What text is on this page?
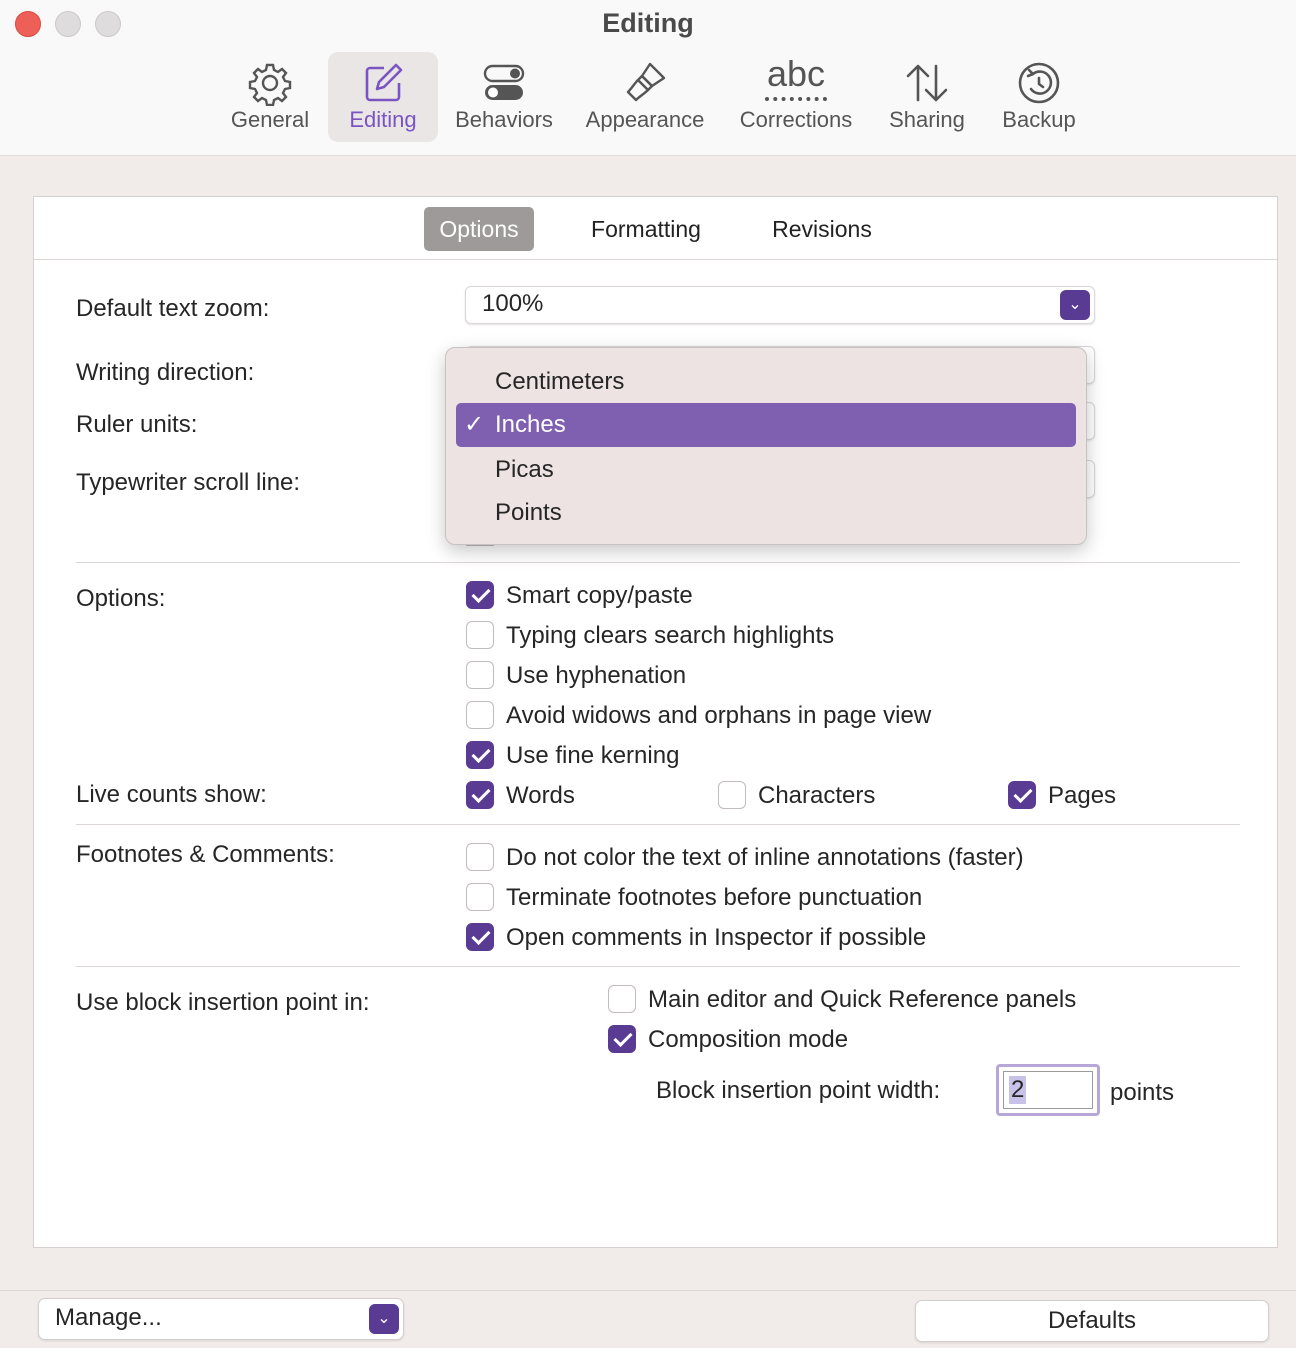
Editing
General	Editing	Behaviors	Appearance
abc
Corrections	Sharing	Backup
Options	Formatting	Revisions
Default text zoom:	100%	⌄
Writing direction:
Ruler units:
Typewriter scroll line:
Options:	Smart copy/paste
Typing clears search highlights
Use hyphenation
Avoid widows and orphans in page view
Use fine kerning
Live counts show:	Words	Characters	Pages
Footnotes & Comments:	Do not color the text of inline annotations (faster)
Terminate footnotes before punctuation
Open comments in Inspector if possible
Use block insertion point in:	Main editor and Quick Reference panels
Composition mode
Block insertion point width:	2	points
Centimeters
✓ Inches
Picas
Points
Manage...	⌄	Defaults
